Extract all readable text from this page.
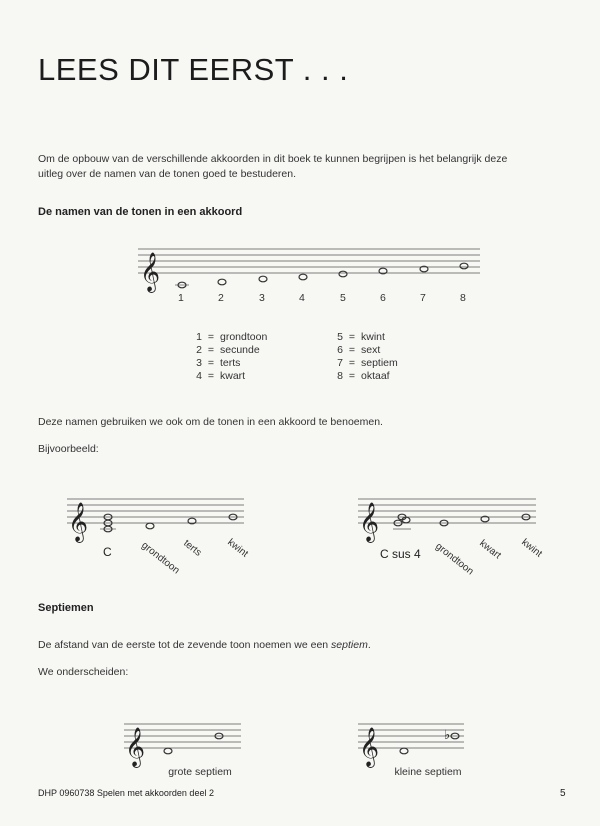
LEES DIT EERST . . .
Om de opbouw van de verschillende akkoorden in dit boek te kunnen begrijpen is het belangrijk deze
uitleg over de namen van de tonen goed te bestuderen.
De namen van de tonen in een akkoord
𝄞
1	2	3	4	5	6	7	8
1 = grondtoon
2 = secunde
3 = terts
4 = kwart
5 = kwint
6 = sext
7 = septiem
8 = oktaaf
Deze namen gebruiken we ook om de tonen in een akkoord te benoemen.
Bijvoorbeeld:
𝄞	𝄞
C	grondtoon terts kwint	C sus 4 grondtoon kwart kwint
Septiemen
De afstand van de eerste tot de zevende toon noemen we een septiem.
We onderscheiden:
𝄞	𝄞	♭
grote septiem	kleine septiem
DHP 0960738 Spelen met akkoorden deel 2	5
